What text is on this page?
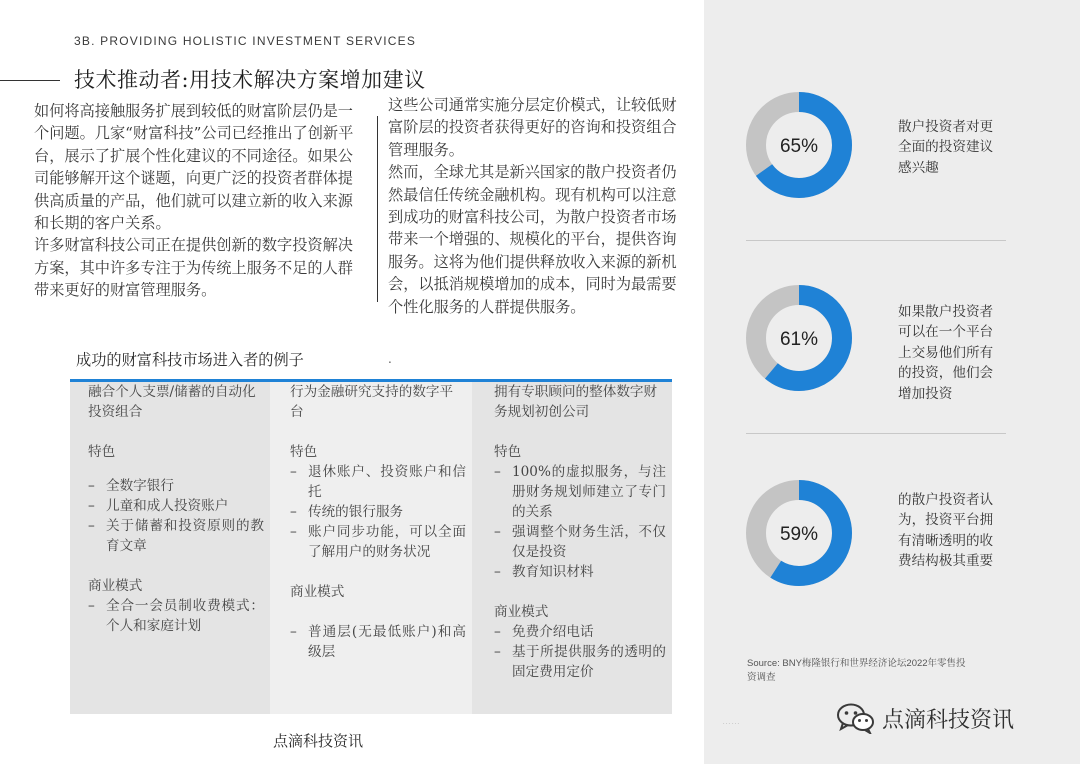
3B. PROVIDING HOLISTIC INVESTMENT SERVICES
技术推动者:用技术解决方案增加建议

如何将高接触服务扩展到较低的财富阶层仍是一个问题。几家“财富科技”公司已经推出了创新平台，展示了扩展个性化建议的不同途径。如果公司能够解开这个谜题，向更广泛的投资者群体提供高质量的产品，他们就可以建立新的收入来源和长期的客户关系。

许多财富科技公司正在提供创新的数字投资解决方案，其中许多专注于为传统上服务不足的人群带来更好的财富管理服务。

这些公司通常实施分层定价模式，让较低财富阶层的投资者获得更好的咨询和投资组合管理服务。

然而，全球尤其是新兴国家的散户投资者仍然最信任传统金融机构。现有机构可以注意到成功的财富科技公司，为散户投资者市场带来一个增强的、规模化的平台，提供咨询服务。这将为他们提供释放收入来源的新机会，以抵消规模增加的成本，同时为最需要个性化服务的人群提供服务。

.
成功的财富科技市场进入者的例子
融合个人支票/储蓄的自动化投资组合
特色
– 全数字银行
– 儿童和成人投资账户
– 关于储蓄和投资原则的教育文章
商业模式
– 全合一会员制收费模式：个人和家庭计划
行为金融研究支持的数字平台
特色
– 退休账户、投资账户和信托
– 传统的银行服务
– 账户同步功能，可以全面了解用户的财务状况
商业模式
– 普通层(无最低账户)和高级层
拥有专职顾问的整体数字财务规划初创公司
特色
– 100%的虚拟服务，与注册财务规划师建立了专门的关系
– 强调整个财务生活，不仅仅是投资
– 教育知识材料
商业模式
– 免费介绍电话
– 基于所提供服务的透明的固定费用定价
点滴科技资讯
65%
散户投资者对更全面的投资建议感兴趣
61%
如果散户投资者可以在一个平台上交易他们所有的投资，他们会增加投资
59%
的散户投资者认为，投资平台拥有清晰透明的收费结构极其重要
Source: BNY梅隆银行和世界经济论坛2022年零售投资调查
……	点滴科技资讯
